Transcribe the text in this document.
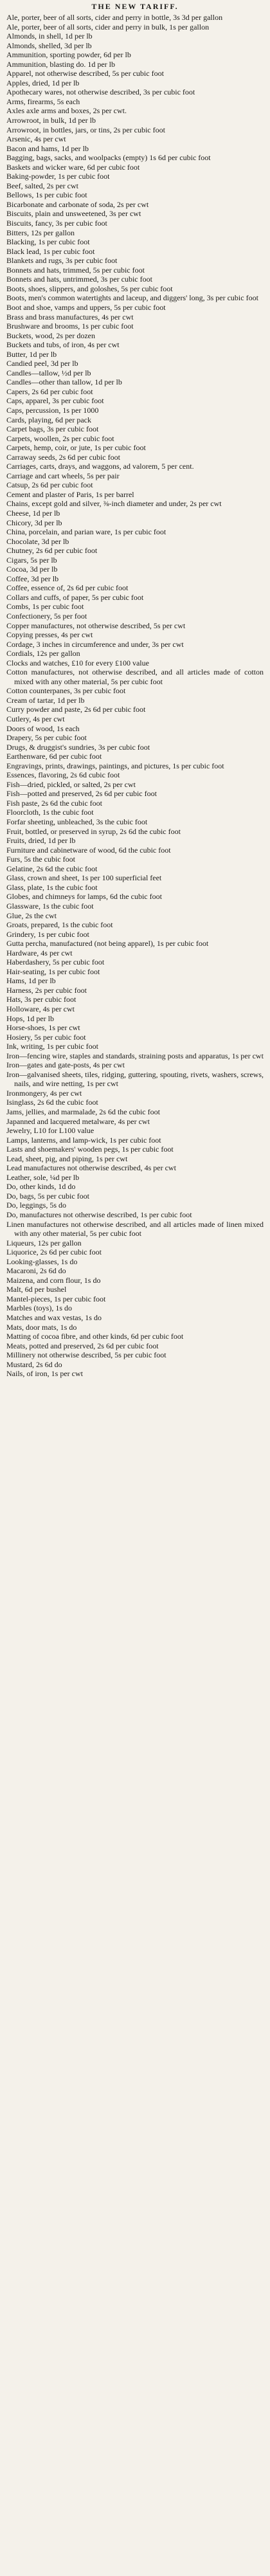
THE NEW TARIFF.
Ale, porter, beer of all sorts, cider and perry in bottle, 3s 3d per gallon
Ale, porter, beer of all sorts, cider and perry in bulk, 1s per gallon
Almonds, in shell, 1d per lb
Almonds, shelled, 3d per lb
Ammunition, sporting powder, 6d per lb
Ammunition, blasting do. 1d per lb
Apparel, not otherwise described, 5s per cubic foot
Apples, dried, 1d per lb
Apothecary wares, not otherwise described, 3s per cubic foot
Arms, firearms, 5s each
Axles axle arms and boxes, 2s per cwt.
Arrowroot, in bulk, 1d per lb
Arrowroot, in bottles, jars, or tins, 2s per cubic foot
Arsenic, 4s per cwt
Bacon and hams, 1d per lb
Bagging, bags, sacks, and woolpacks (empty) 1s 6d per cubic foot
Baskets and wicker ware, 6d per cubic foot
Baking-powder, 1s per cubic foot
Beef, salted, 2s per cwt
Bellows, 1s per cubic foot
Bicarbonate and carbonate of soda, 2s per cwt
Biscuits, plain and unsweetened, 3s per cwt
Biscuits, fancy, 3s per cubic foot
Bitters, 12s per gallon
Blacking, 1s per cubic foot
Black lead, 1s per cubic foot
Blankets and rugs, 3s per cubic foot
Bonnets and hats, trimmed, 5s per cubic foot
Bonnets and hats, untrimmed, 3s per cubic foot
Boots, shoes, slippers, and goloshes, 5s per cubic foot
Boots, men's common watertights and laceup, and diggers' long, 3s per cubic foot
Boot and shoe, vamps and uppers, 5s per cubic foot
Brass and brass manufactures, 4s per cwt
Brushware and brooms, 1s per cubic foot
Buckets, wood, 2s per dozen
Buckets and tubs, of iron, 4s per cwt
Butter, 1d per lb
Candied peel, 3d per lb
Candles—tallow, ½d per lb
Candles—other than tallow, 1d per lb
Capers, 2s 6d per cubic foot
Caps, apparel, 3s per cubic foot
Caps, percussion, 1s per 1000
Cards, playing, 6d per pack
Carpet bags, 3s per cubic foot
Carpets, woollen, 2s per cubic foot
Carpets, hemp, coir, or jute, 1s per cubic foot
Carraway seeds, 2s 6d per cubic foot
Carriages, carts, drays, and waggons, ad valorem, 5 per cent.
Carriage and cart wheels, 5s per pair
Catsup, 2s 6d per cubic foot
Cement and plaster of Paris, 1s per barrel
Chains, except gold and silver, ⅜-inch diameter and under, 2s per cwt
Cheese, 1d per lb
Chicory, 3d per lb
China, porcelain, and parian ware, 1s per cubic foot
Chocolate, 3d per lb
Chutney, 2s 6d per cubic foot
Cigars, 5s per lb
Cocoa, 3d per lb
Coffee, 3d per lb
Coffee, essence of, 2s 6d per cubic foot
Collars and cuffs, of paper, 5s per cubic foot
Combs, 1s per cubic foot
Confectionery, 5s per foot
Copper manufactures, not otherwise described, 5s per cwt
Copying presses, 4s per cwt
Cordage, 3 inches in circumference and under, 3s per cwt
Cordials, 12s per gallon
Clocks and watches, £10 for every £100 value
Cotton manufactures, not otherwise described, and all articles made of cotton mixed with any other material, 5s per cubic foot
Cotton counterpanes, 3s per cubic foot
Cream of tartar, 1d per lb
Curry powder and paste, 2s 6d per cubic foot
Cutlery, 4s per cwt
Doors of wood, 1s each
Drapery, 5s per cubic foot
Drugs, & druggist's sundries, 3s per cubic foot
Earthenware, 6d per cubic foot
Engravings, prints, drawings, paintings, and pictures, 1s per cubic foot
Essences, flavoring, 2s 6d cubic foot
Fish—dried, pickled, or salted, 2s per cwt
Fish—potted and preserved, 2s 6d per cubic foot
Fish paste, 2s 6d the cubic foot
Floorcloth, 1s the cubic foot
Forfar sheeting, unbleached, 3s the cubic foot
Fruit, bottled, or preserved in syrup, 2s 6d the cubic foot
Fruits, dried, 1d per lb
Furniture and cabinetware of wood, 6d the cubic foot
Furs, 5s the cubic foot
Gelatine, 2s 6d the cubic foot
Glass, crown and sheet, 1s per 100 superficial feet
Glass, plate, 1s the cubic foot
Globes, and chimneys for lamps, 6d the cubic foot
Glassware, 1s the cubic foot
Glue, 2s the cwt
Groats, prepared, 1s the cubic foot
Grindery, 1s per cubic foot
Gutta percha, manufactured (not being apparel), 1s per cubic foot
Hardware, 4s per cwt
Haberdashery, 5s per cubic foot
Hair-seating, 1s per cubic foot
Hams, 1d per lb
Harness, 2s per cubic foot
Hats, 3s per cubic foot
Holloware, 4s per cwt
Hops, 1d per lb
Horse-shoes, 1s per cwt
Hosiery, 5s per cubic foot
Ink, writing, 1s per cubic foot
Iron—fencing wire, staples and standards, straining posts and apparatus, 1s per cwt
Iron—gates and gate-posts, 4s per cwt
Iron—galvanised sheets, tiles, ridging, guttering, spouting, rivets, washers, screws, nails, and wire netting, 1s per cwt
Ironmongery, 4s per cwt
Isinglass, 2s 6d the cubic foot
Jams, jellies, and marmalade, 2s 6d the cubic foot
Japanned and lacquered metalware, 4s per cwt
Jewelry, L10 for L100 value
Lamps, lanterns, and lamp-wick, 1s per cubic foot
Lasts and shoemakers' wooden pegs, 1s per cubic foot
Lead, sheet, pig, and piping, 1s per cwt
Lead manufactures not otherwise described, 4s per cwt
Leather, sole, ¼d per lb
Do, other kinds, 1d do
Do, bags, 5s per cubic foot
Do, leggings, 5s do
Do, manufactures not otherwise described, 1s per cubic foot
Linen manufactures not otherwise described, and all articles made of linen mixed with any other material, 5s per cubic foot
Liqueurs, 12s per gallon
Liquorice, 2s 6d per cubic foot
Looking-glasses, 1s do
Macaroni, 2s 6d do
Maizena, and corn flour, 1s do
Malt, 6d per bushel
Mantel-pieces, 1s per cubic foot
Marbles (toys), 1s do
Matches and wax vestas, 1s do
Mats, door mats, 1s do
Matting of cocoa fibre, and other kinds, 6d per cubic foot
Meats, potted and preserved, 2s 6d per cubic foot
Millinery not otherwise described, 5s per cubic foot
Mustard, 2s 6d do
Nails, of iron, 1s per cwt
